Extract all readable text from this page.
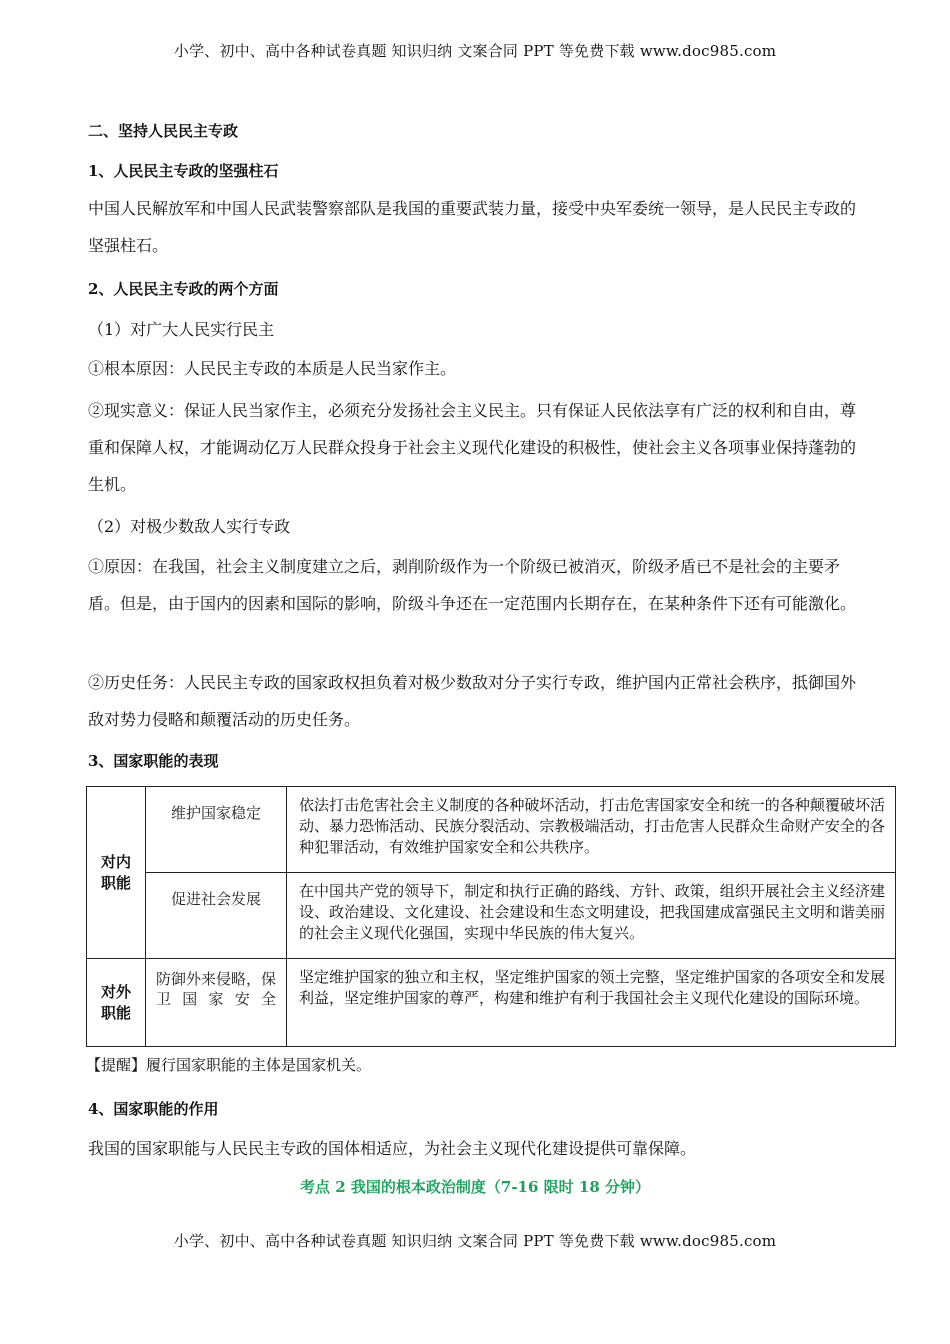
小学、初中、高中各种试卷真题 知识归纳 文案合同 PPT 等免费下载 www.doc985.com
二、坚持人民民主专政
1、人民民主专政的坚强柱石
中国人民解放军和中国人民武装警察部队是我国的重要武装力量，接受中央军委统一领导，是人民民主专政的坚强柱石。
2、人民民主专政的两个方面
（1）对广大人民实行民主
①根本原因：人民民主专政的本质是人民当家作主。
②现实意义：保证人民当家作主，必须充分发扬社会主义民主。只有保证人民依法享有广泛的权利和自由，尊重和保障人权，才能调动亿万人民群众投身于社会主义现代化建设的积极性，使社会主义各项事业保持蓬勃的生机。
（2）对极少数敌人实行专政
①原因：在我国，社会主义制度建立之后，剥削阶级作为一个阶级已被消灭，阶级矛盾已不是社会的主要矛盾。但是，由于国内的因素和国际的影响，阶级斗争还在一定范围内长期存在，在某种条件下还有可能激化。
②历史任务：人民民主专政的国家政权担负着对极少数敌对分子实行专政，维护国内正常社会秩序，抵御国外敌对势力侵略和颠覆活动的历史任务。
3、国家职能的表现
对内职能	维护国家稳定	依法打击危害社会主义制度的各种破坏活动，打击危害国家安全和统一的各种颠覆破坏活动、暴力恐怖活动、民族分裂活动、宗教极端活动，打击危害人民群众生命财产安全的各种犯罪活动，有效维护国家安全和公共秩序。
	促进社会发展	在中国共产党的领导下，制定和执行正确的路线、方针、政策，组织开展社会主义经济建设、政治建设、文化建设、社会建设和生态文明建设，把我国建成富强民主文明和谐美丽的社会主义现代化强国，实现中华民族的伟大复兴。

对外职能	防御外来侵略，保卫国家安全	坚定维护国家的独立和主权，坚定维护国家的领土完整，坚定维护国家的各项安全和发展利益，坚定维护国家的尊严，构建和维护有利于我国社会主义现代化建设的国际环境。
【提醒】履行国家职能的主体是国家机关。
4、国家职能的作用
我国的国家职能与人民民主专政的国体相适应，为社会主义现代化建设提供可靠保障。
考点 2 我国的根本政治制度（7-16 限时 18 分钟）
小学、初中、高中各种试卷真题 知识归纳 文案合同 PPT 等免费下载 www.doc985.com
